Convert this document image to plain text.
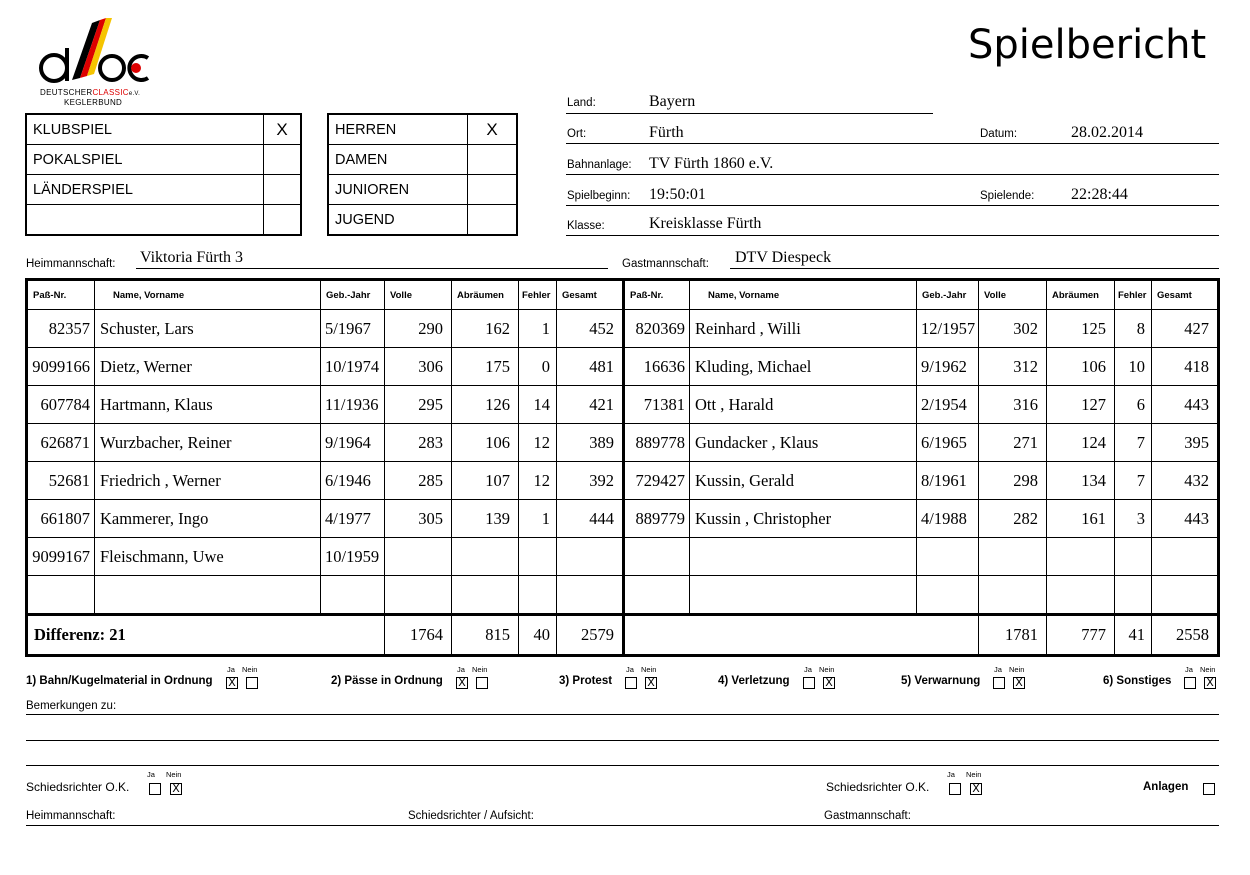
DEUTSCHERCLASSICe.V.
KEGLERBUND
Spielbericht
KLUBSPIEL	X
POKALSPIEL	
LÄNDERSPIEL	

HERREN	X
DAMEN	
JUNIOREN	
JUGEND	
Land:	Bayern
Ort:	Fürth	Datum:	28.02.2014
Bahnanlage: TV Fürth 1860 e.V.
Spielbeginn: 19:50:01	Spielende: 22:28:44
Klasse:	Kreisklasse Fürth
Heimmannschaft: Viktoria Fürth 3	Gastmannschaft: DTV Diespeck
Paß-Nr.	Name, Vorname	Geb.-Jahr	Volle	Abräumen	Fehler	Gesamt	Paß-Nr.	Name, Vorname	Geb.-Jahr	Volle	Abräumen	Fehler	Gesamt
82357	Schuster, Lars	5/1967	290	162	1	452	820369	Reinhard , Willi	12/1957	302	125	8	427
9099166	Dietz, Werner	10/1974	306	175	0	481	16636	Kluding, Michael	9/1962	312	106	10	418
607784	Hartmann, Klaus	11/1936	295	126	14	421	71381	Ott , Harald	2/1954	316	127	6	443
626871	Wurzbacher, Reiner	9/1964	283	106	12	389	889778	Gundacker , Klaus	6/1965	271	124	7	395
52681	Friedrich , Werner	6/1946	285	107	12	392	729427	Kussin, Gerald	8/1961	298	134	7	432
661807	Kammerer, Ingo	4/1977	305	139	1	444	889779	Kussin , Christopher	4/1988	282	161	3	443
9099167	Fleischmann, Uwe	10/1959											

Differenz: 21			1764	815	40	2579				1781	777	41	2558
1) Bahn/Kugelmaterial in Ordnung	2) Pässe in Ordnung	3) Protest	4) Verletzung	5) Verwarnung	6) Sonstiges
X
Ja Nein
X
Ja Nein
X
Ja Nein
X
Ja Nein
X
Ja Nein
X
Ja Nein
Bemerkungen zu:
Schiedsrichter O.K.
Ja Nein
X	Schiedsrichter O.K.
Ja Nein
X	Anlagen
Heimmannschaft:	Schiedsrichter / Aufsicht:	Gastmannschaft:
